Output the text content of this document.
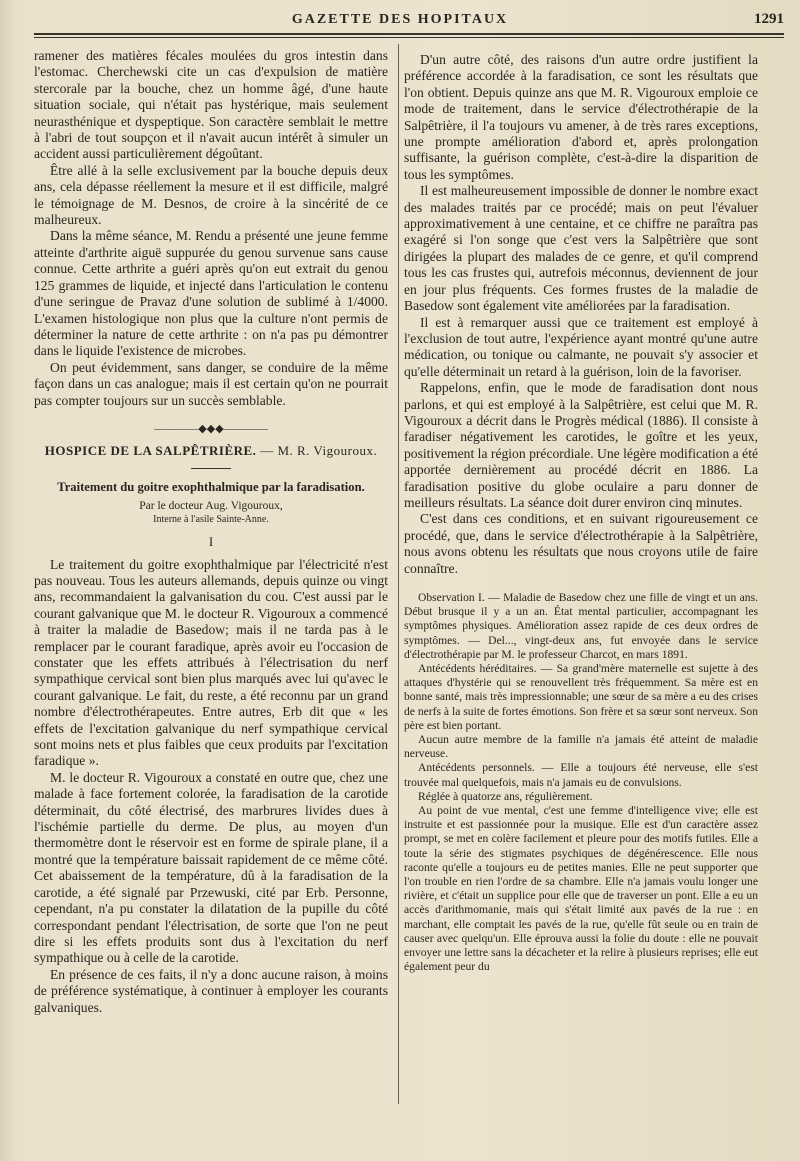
GAZETTE DES HOPITAUX	1291

ramener des matières fécales moulées du gros intestin dans l'estomac. Cherchewski cite un cas d'expulsion de matière stercorale par la bouche, chez un homme âgé, d'une haute situation sociale, qui n'était pas hystérique, mais seulement neurasthénique et dyspeptique. Son caractère semblait le mettre à l'abri de tout soupçon et il n'avait aucun intérêt à simuler un accident aussi particulièrement dégoûtant.

Être allé à la selle exclusivement par la bouche depuis deux ans, cela dépasse réellement la mesure et il est difficile, malgré le témoignage de M. Desnos, de croire à la sincérité de ce malheureux.

Dans la même séance, M. Rendu a présenté une jeune femme atteinte d'arthrite aiguë suppurée du genou survenue sans cause connue. Cette arthrite a guéri après qu'on eut extrait du genou 125 grammes de liquide, et injecté dans l'articulation le contenu d'une seringue de Pravaz d'une solution de sublimé à 1/4000. L'examen histologique non plus que la culture n'ont permis de déterminer la nature de cette arthrite : on n'a pas pu démontrer dans le liquide l'existence de microbes.

On peut évidemment, sans danger, se conduire de la même façon dans un cas analogue; mais il est certain qu'on ne pourrait pas compter toujours sur un succès semblable.

————◆◆◆————
HOSPICE DE LA SALPÊTRIÈRE. — M. R. Vigouroux.
Traitement du goitre exophthalmique par la faradisation.
Par le docteur Aug. Vigouroux,
Interne à l'asile Sainte-Anne.
I

Le traitement du goitre exophthalmique par l'électricité n'est pas nouveau. Tous les auteurs allemands, depuis quinze ou vingt ans, recommandaient la galvanisation du cou. C'est aussi par le courant galvanique que M. le docteur R. Vigouroux a commencé à traiter la maladie de Basedow; mais il ne tarda pas à le remplacer par le courant faradique, après avoir eu l'occasion de constater que les effets attribués à l'électrisation du nerf sympathique cervical sont bien plus marqués avec lui qu'avec le courant galvanique. Le fait, du reste, a été reconnu par un grand nombre d'électrothérapeutes. Entre autres, Erb dit que « les effets de l'excitation galvanique du nerf sympathique cervical sont moins nets et plus faibles que ceux produits par l'excitation faradique ».

M. le docteur R. Vigouroux a constaté en outre que, chez une malade à face fortement colorée, la faradisation de la carotide déterminait, du côté électrisé, des marbrures livides dues à l'ischémie partielle du derme. De plus, au moyen d'un thermomètre dont le réservoir est en forme de spirale plane, il a montré que la température baissait rapidement de ce même côté. Cet abaissement de la température, dû à la faradisation de la carotide, a été signalé par Przewuski, cité par Erb. Personne, cependant, n'a pu constater la dilatation de la pupille du côté correspondant pendant l'électrisation, de sorte que l'on ne peut dire si les effets produits sont dus à l'excitation du nerf sympathique ou à celle de la carotide.

En présence de ces faits, il n'y a donc aucune raison, à moins de préférence systématique, à continuer à employer les courants galvaniques.

D'un autre côté, des raisons d'un autre ordre justifient la préférence accordée à la faradisation, ce sont les résultats que l'on obtient. Depuis quinze ans que M. R. Vigouroux emploie ce mode de traitement, dans le service d'électrothérapie de la Salpêtrière, il l'a toujours vu amener, à de très rares exceptions, une prompte amélioration d'abord et, après prolongation suffisante, la guérison complète, c'est-à-dire la disparition de tous les symptômes.

Il est malheureusement impossible de donner le nombre exact des malades traités par ce procédé; mais on peut l'évaluer approximativement à une centaine, et ce chiffre ne paraîtra pas exagéré si l'on songe que c'est vers la Salpêtrière que sont dirigées la plupart des malades de ce genre, et qu'il comprend tous les cas frustes qui, autrefois méconnus, deviennent de jour en jour plus fréquents. Ces formes frustes de la maladie de Basedow sont également vite améliorées par la faradisation.

Il est à remarquer aussi que ce traitement est employé à l'exclusion de tout autre, l'expérience ayant montré qu'une autre médication, ou tonique ou calmante, ne pouvait s'y associer et qu'elle déterminait un retard à la guérison, loin de la favoriser.

Rappelons, enfin, que le mode de faradisation dont nous parlons, et qui est employé à la Salpêtrière, est celui que M. R. Vigouroux a décrit dans le Progrès médical (1886). Il consiste à faradiser négativement les carotides, le goître et les yeux, positivement la région précordiale. Une légère modification a été apportée dernièrement au procédé décrit en 1886. La faradisation positive du globe oculaire a paru donner de meilleurs résultats. La séance doit durer environ cinq minutes.

C'est dans ces conditions, et en suivant rigoureusement ce procédé, que, dans le service d'électrothérapie à la Salpêtrière, nous avons obtenu les résultats que nous croyons utile de faire connaître.

Observation I. — Maladie de Basedow chez une fille de vingt et un ans. Début brusque il y a un an. État mental particulier, accompagnant les symptômes physiques. Amélioration assez rapide de ces deux ordres de symptômes. — Del..., vingt-deux ans, fut envoyée dans le service d'électrothérapie par M. le professeur Charcot, en mars 1891.

Antécédents héréditaires. — Sa grand'mère maternelle est sujette à des attaques d'hystérie qui se renouvellent très fréquemment. Sa mère est en bonne santé, mais très impressionnable; une sœur de sa mère a eu des crises de nerfs à la suite de fortes émotions. Son frère et sa sœur sont nerveux. Son père est bien portant.

Aucun autre membre de la famille n'a jamais été atteint de maladie nerveuse.

Antécédents personnels. — Elle a toujours été nerveuse, elle s'est trouvée mal quelquefois, mais n'a jamais eu de convulsions.

Réglée à quatorze ans, régulièrement.

Au point de vue mental, c'est une femme d'intelligence vive; elle est instruite et est passionnée pour la musique. Elle est d'un caractère assez prompt, se met en colère facilement et pleure pour des motifs futiles. Elle a toute la série des stigmates psychiques de dégénérescence. Elle nous raconte qu'elle a toujours eu de petites manies. Elle ne peut supporter que l'on trouble en rien l'ordre de sa chambre. Elle n'a jamais voulu longer une rivière, et c'était un supplice pour elle que de traverser un pont. Elle a eu un accès d'arithmomanie, mais qui s'était limité aux pavés de la rue : en marchant, elle comptait les pavés de la rue, qu'elle fût seule ou en train de causer avec quelqu'un. Elle éprouva aussi la folie du doute : elle ne pouvait envoyer une lettre sans la décacheter et la relire à plusieurs reprises; elle eut également peur du
